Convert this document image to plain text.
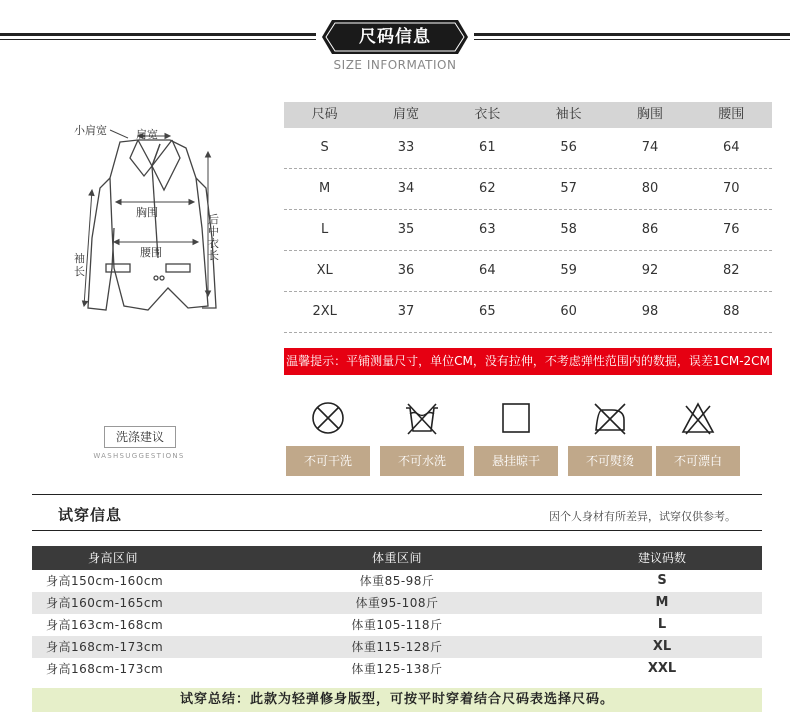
尺码信息
SIZE INFORMATION
小肩宽	肩宽
胸围
腰围
袖长
后中衣长
尺码	肩宽	衣长	袖长	胸围	腰围
S	33	61	56	74	64
M	34	62	57	80	70
L	35	63	58	86	76
XL	36	64	59	92	82
2XL	37	65	60	98	88
温馨提示：平铺测量尺寸，单位CM，没有拉伸，不考虑弹性范围内的数据，误差1CM-2CM
洗涤建议
WASHSUGGESTIONS	不可干洗	不可水洗	悬挂晾干	不可熨烫	不可漂白
试穿信息	因个人身材有所差异，试穿仅供参考。
身高区间	体重区间	建议码数
身高150cm-160cm	体重85-98斤	S
身高160cm-165cm	体重95-108斤	M
身高163cm-168cm	体重105-118斤	L
身高168cm-173cm	体重115-128斤	XL
身高168cm-173cm	体重125-138斤	XXL
试穿总结：此款为轻弹修身版型，可按平时穿着结合尺码表选择尺码。
